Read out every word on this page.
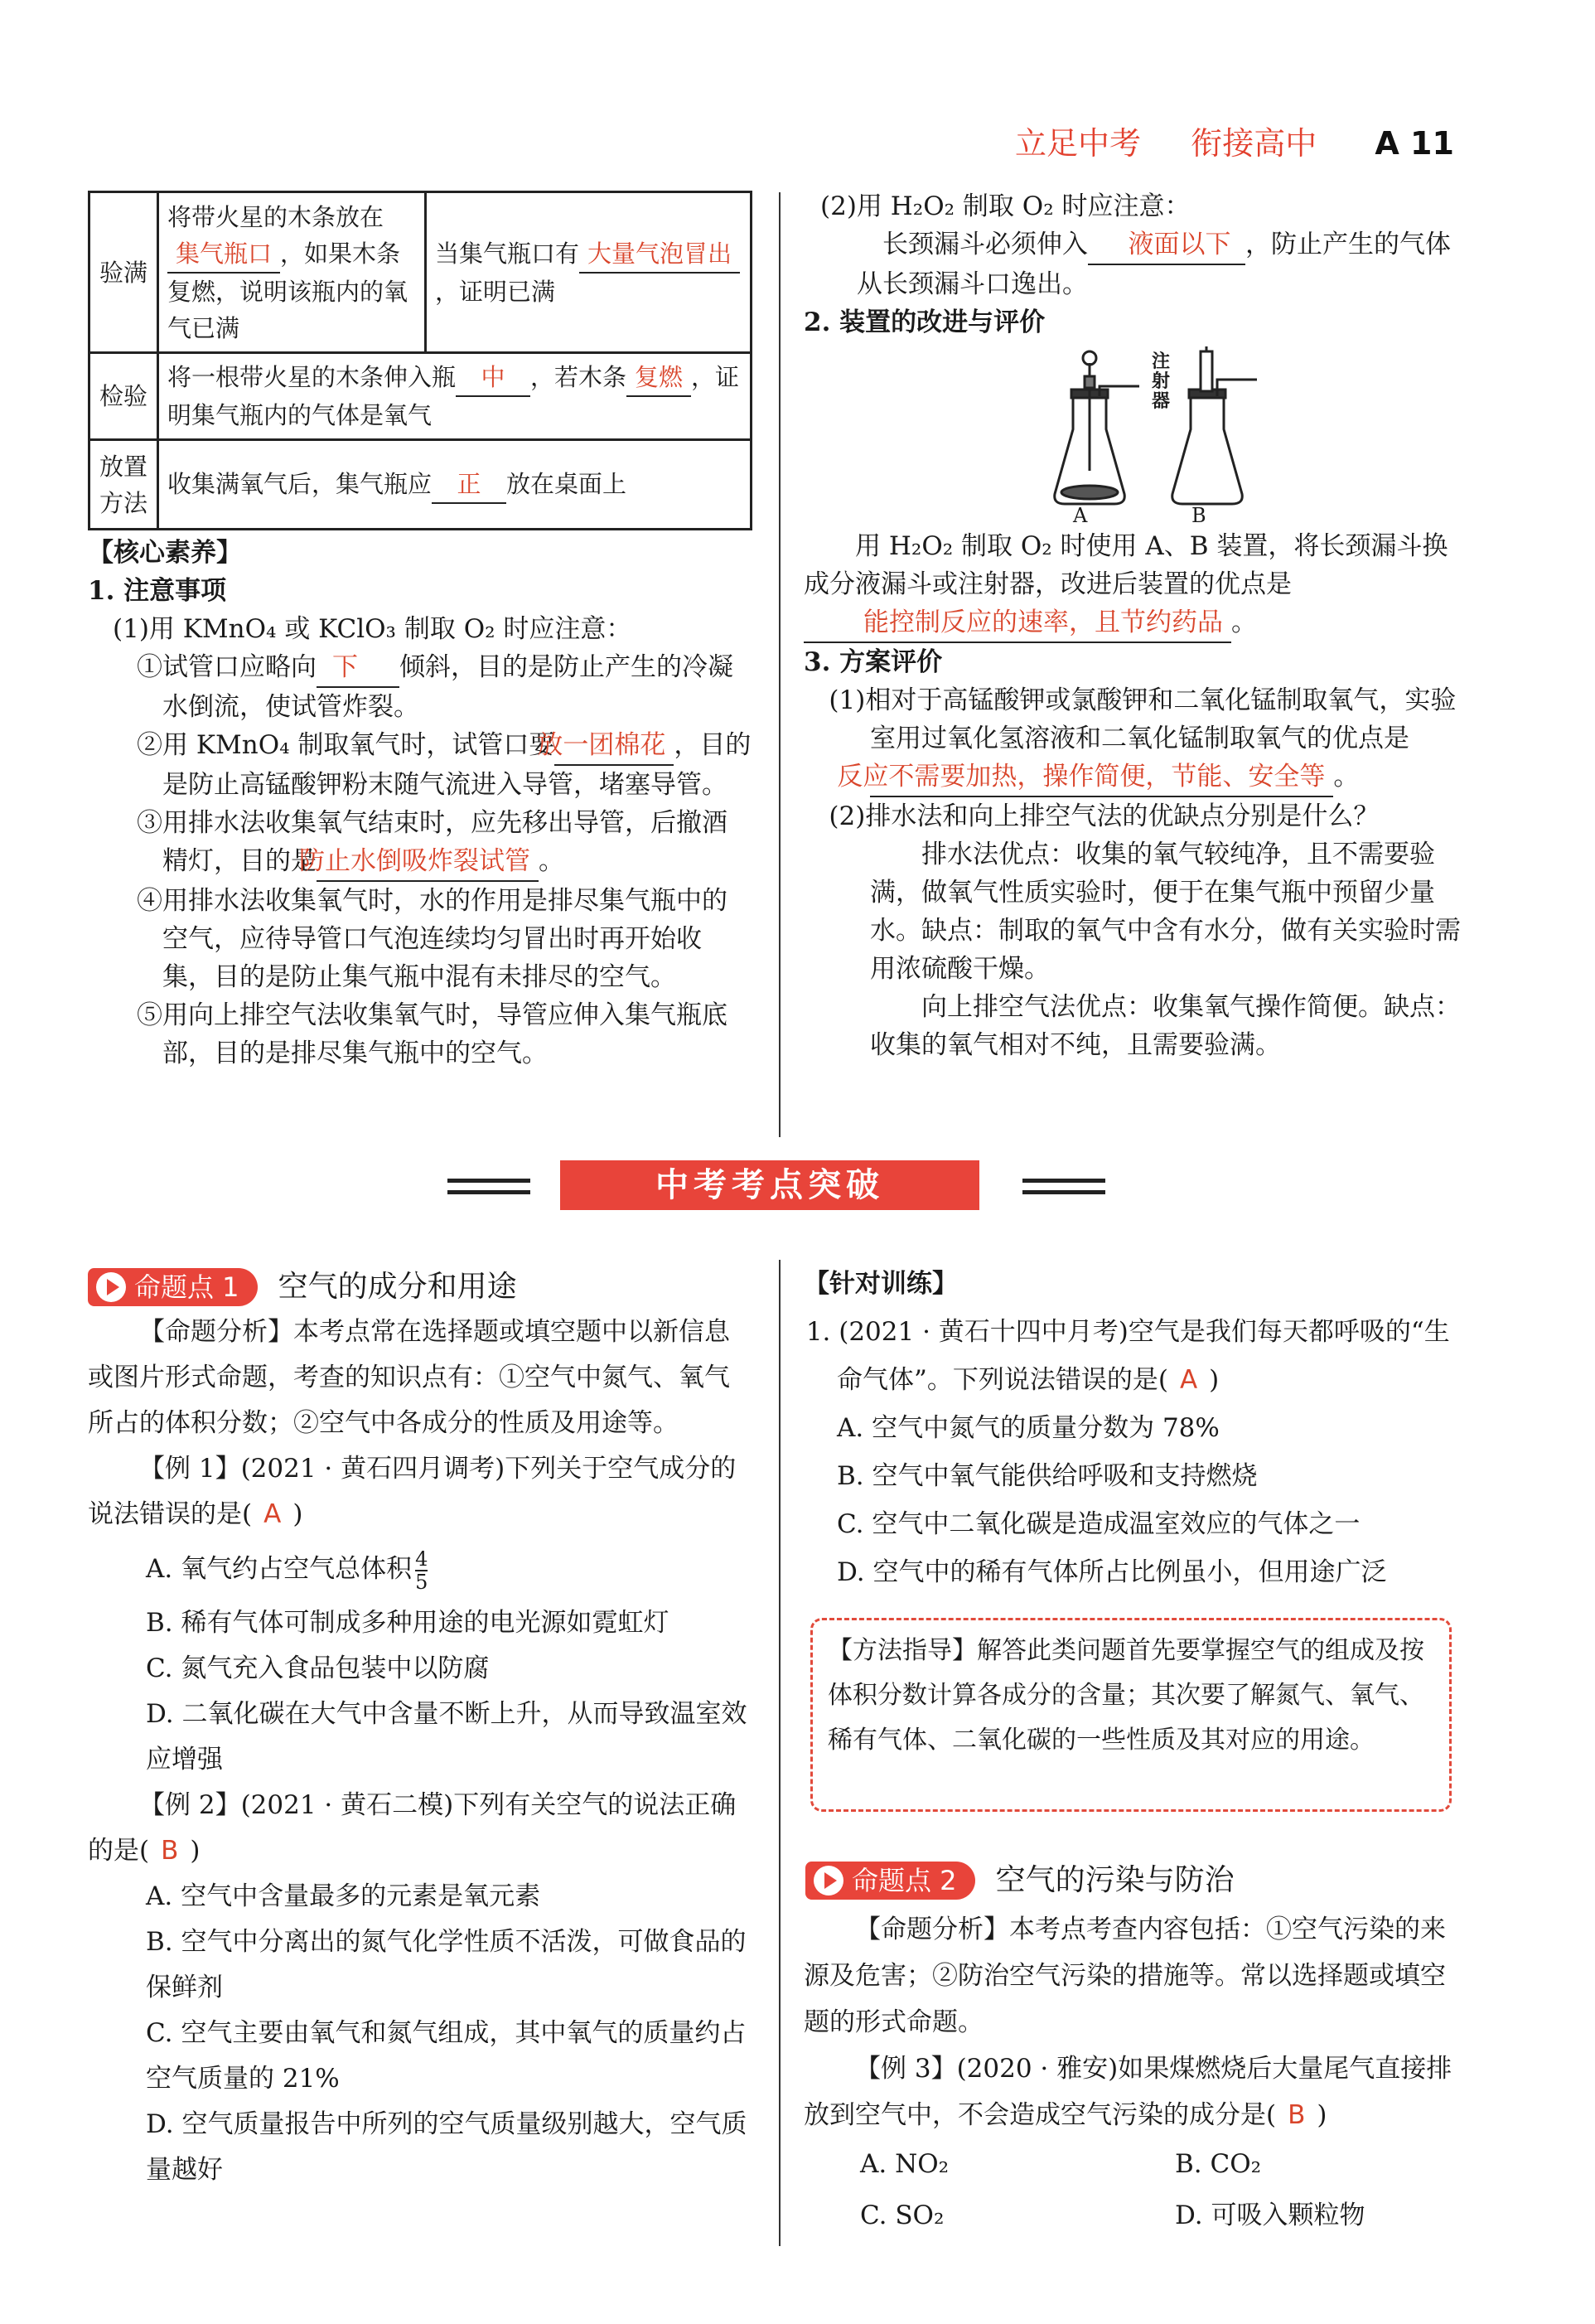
立足中考 衔接高中 A 11
验满	将带火星的木条放在集气瓶口 ，如果木条复燃，说明该瓶内的氧气已满	当集气瓶口有 大量气泡冒出，证明已满
检验	将一根带火星的木条伸入瓶 中 ，若木条 复燃 ，证明集气瓶内的气体是氧气	
放置方法	收集满氧气后，集气瓶应 正 放在桌面上	

【核心素养】

1. 注意事项

(1)用 KMnO₄ 或 KClO₃ 制取 O₂ 时应注意：

①试管口应略向 下 倾斜，目的是防止产生的冷凝水倒流，使试管炸裂。

②用 KMnO₄ 制取氧气时，试管口要放一团棉花 ，目的是防止高锰酸钾粉末随气流进入导管，堵塞导管。

③用排水法收集氧气结束时，应先移出导管，后撤酒精灯，目的是防止水倒吸炸裂试管 。

④用排水法收集氧气时，水的作用是排尽集气瓶中的空气，应待导管口气泡连续均匀冒出时再开始收集，目的是防止集气瓶中混有未排尽的空气。

⑤用向上排空气法收集氧气时，导管应伸入集气瓶底部，目的是排尽集气瓶中的空气。

(2)用 H₂O₂ 制取 O₂ 时应注意：

长颈漏斗必须伸入 液面以下 ，防止产生的气体从长颈漏斗口逸出。

2. 装置的改进与评价

A	B
注射器

用 H₂O₂ 制取 O₂ 时使用 A、B 装置，将长颈漏斗换成分液漏斗或注射器，改进后装置的优点是能控制反应的速率，且节约药品 。

3. 方案评价

(1)相对于高锰酸钾或氯酸钾和二氧化锰制取氧气，实验室用过氧化氢溶液和二氧化锰制取氧气的优点是反应不需要加热，操作简便，节能、安全等 。

(2)排水法和向上排空气法的优缺点分别是什么？

排水法优点：收集的氧气较纯净，且不需要验满，做氧气性质实验时，便于在集气瓶中预留少量水。缺点：制取的氧气中含有水分，做有关实验时需用浓硫酸干燥。

向上排空气法优点：收集氧气操作简便。缺点：收集的氧气相对不纯，且需要验满。

中考考点突破
命题点 1 空气的成分和用途

【命题分析】本考点常在选择题或填空题中以新信息或图片形式命题，考查的知识点有：①空气中氮气、氧气所占的体积分数；②空气中各成分的性质及用途等。

【例 1】(2021 · 黄石四月调考)下列关于空气成分的说法错误的是( A )

A. 氧气约占空气总体积 $\frac{4}{5}$

B. 稀有气体可制成多种用途的电光源如霓虹灯

C. 氮气充入食品包装中以防腐

D. 二氧化碳在大气中含量不断上升，从而导致温室效应增强

【例 2】(2021 · 黄石二模)下列有关空气的说法正确的是( B )

A. 空气中含量最多的元素是氧元素

B. 空气中分离出的氮气化学性质不活泼，可做食品的保鲜剂

C. 空气主要由氧气和氮气组成，其中氧气的质量约占空气质量的 21%

D. 空气质量报告中所列的空气质量级别越大，空气质量越好

【针对训练】

1. (2021 · 黄石十四中月考)空气是我们每天都呼吸的“生命气体”。下列说法错误的是( A )

A. 空气中氮气的质量分数为 78%

B. 空气中氧气能供给呼吸和支持燃烧

C. 空气中二氧化碳是造成温室效应的气体之一

D. 空气中的稀有气体所占比例虽小，但用途广泛

【方法指导】解答此类问题首先要掌握空气的组成及按体积分数计算各成分的含量；其次要了解氮气、氧气、稀有气体、二氧化碳的一些性质及其对应的用途。

命题点 2 空气的污染与防治

【命题分析】本考点考查内容包括：①空气污染的来源及危害；②防治空气污染的措施等。常以选择题或填空题的形式命题。

【例 3】(2020 · 雅安)如果煤燃烧后大量尾气直接排放到空气中，不会造成空气污染的成分是( B )

A. NO₂	B. CO₂
C. SO₂	D. 可吸入颗粒物
